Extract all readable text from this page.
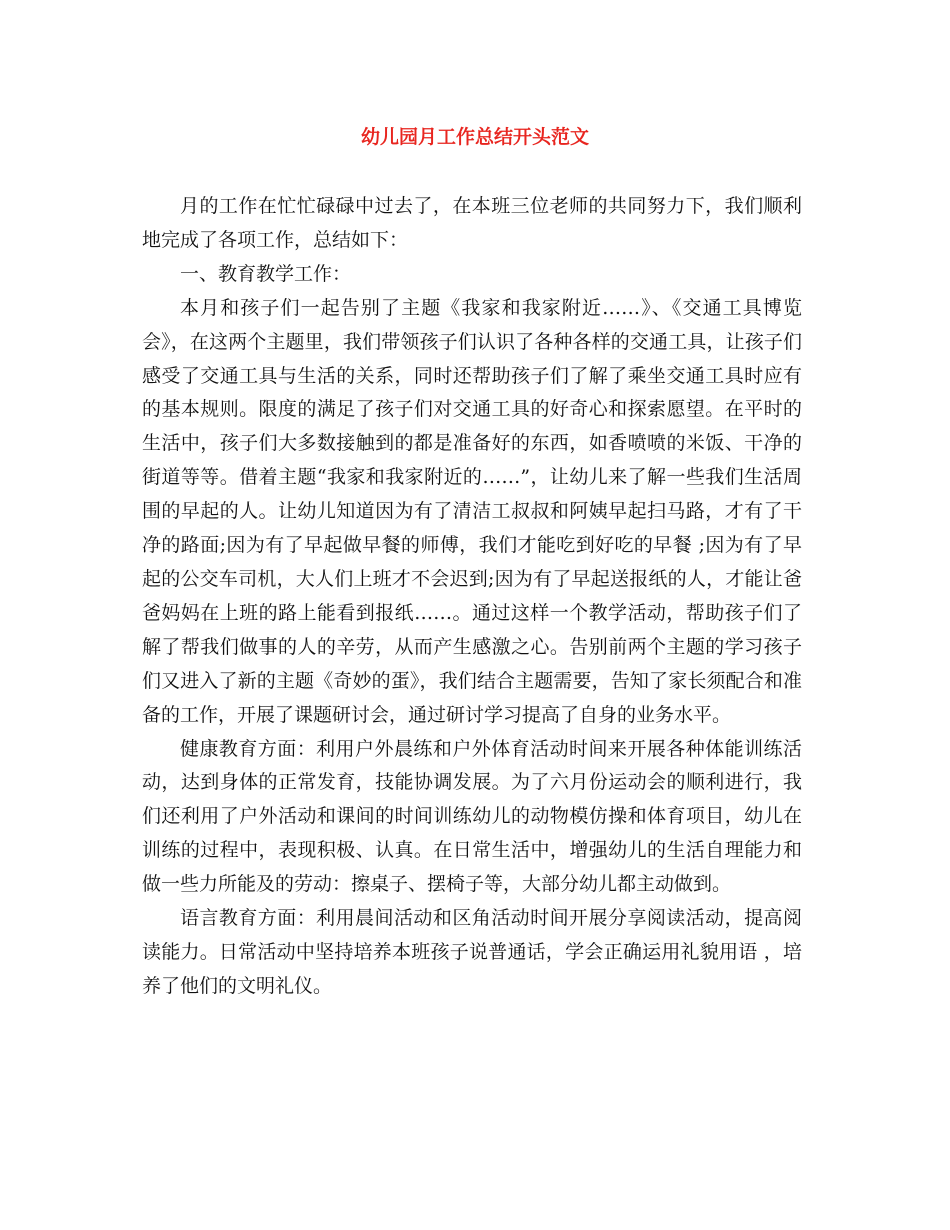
幼儿园月工作总结开头范文

月的工作在忙忙碌碌中过去了，在本班三位老师的共同努力下，我们顺利地完成了各项工作，总结如下：

一、教育教学工作：

本月和孩子们一起告别了主题《我家和我家附近……》、《交通工具博览会》，在这两个主题里，我们带领孩子们认识了各种各样的交通工具，让孩子们感受了交通工具与生活的关系，同时还帮助孩子们了解了乘坐交通工具时应有的基本规则。限度的满足了孩子们对交通工具的好奇心和探索愿望。在平时的生活中，孩子们大多数接触到的都是准备好的东西，如香喷喷的米饭、干净的街道等等。借着主题“我家和我家附近的……”，让幼儿来了解一些我们生活周围的早起的人。让幼儿知道因为有了清洁工叔叔和阿姨早起扫马路，才有了干净的路面;因为有了早起做早餐的师傅，我们才能吃到好吃的早餐 ;因为有了早起的公交车司机，大人们上班才不会迟到;因为有了早起送报纸的人，才能让爸爸妈妈在上班的路上能看到报纸……。通过这样一个教学活动，帮助孩子们了解了帮我们做事的人的辛劳，从而产生感激之心。告别前两个主题的学习孩子们又进入了新的主题《奇妙的蛋》，我们结合主题需要，告知了家长须配合和准备的工作，开展了课题研讨会，通过研讨学习提高了自身的业务水平。

健康教育方面：利用户外晨练和户外体育活动时间来开展各种体能训练活动，达到身体的正常发育，技能协调发展。为了六月份运动会的顺利进行，我们还利用了户外活动和课间的时间训练幼儿的动物模仿操和体育项目，幼儿在训练的过程中，表现积极、认真。在日常生活中，增强幼儿的生活自理能力和做一些力所能及的劳动：擦桌子、摆椅子等，大部分幼儿都主动做到。

语言教育方面：利用晨间活动和区角活动时间开展分享阅读活动，提高阅读能力。日常活动中坚持培养本班孩子说普通话，学会正确运用礼貌用语 ，培养了他们的文明礼仪。
